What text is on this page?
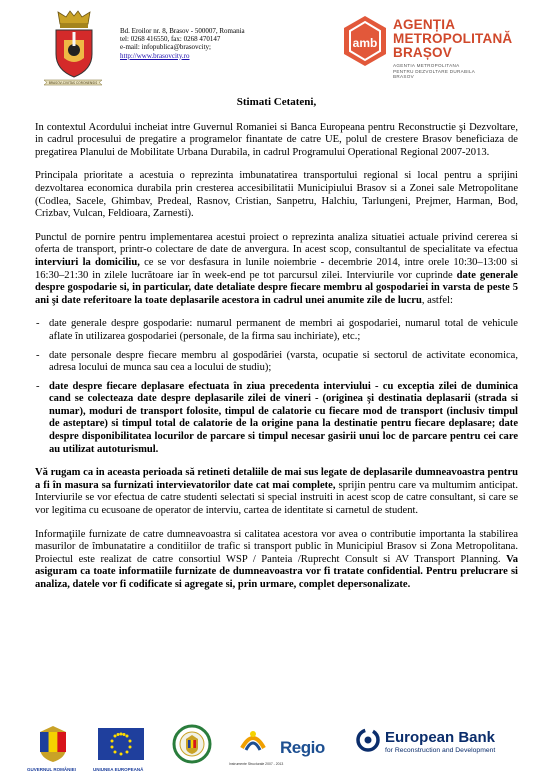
BRASOV-CIVITAS CORONENSIS
Bd. Eroilor nr. 8, Brasov - 500007, Romania
tel: 0268 416550, fax: 0268 470147
e-mail: infopublica@brasovcity;
http://www.brasovcity.ro
amb
AGENȚIA
METROPOLITANĂ
BRAȘOV
AGENTIA METROPOLITANA
PENTRU DEZVOLTARE DURABILA
BRASOV
Stimati Cetateni,

In contextul Acordului incheiat intre Guvernul Romaniei si Banca Europeana pentru Reconstructie şi Dezvoltare, in cadrul procesului de pregatire a programelor finantate de catre UE, polul de crestere Brasov beneficiaza de pregatirea Planului de Mobilitate Urbana Durabila, in cadrul Programului Operational Regional 2007-2013.

Principala prioritate a acestuia o reprezinta imbunatatirea transportului regional si local pentru a sprijini dezvoltarea economica durabila prin cresterea accesibilitatii Municipiului Brasov si a Zonei sale Metropolitane (Codlea, Sacele, Ghimbav, Predeal, Rasnov, Cristian, Sanpetru, Halchiu, Tarlungeni, Prejmer, Harman, Bod, Crizbav, Vulcan, Feldioara, Zarnesti).

Punctul de pornire pentru implementarea acestui proiect o reprezinta analiza situatiei actuale privind cererea si oferta de transport, printr-o colectare de date de anvergura. In acest scop, consultantul de specialitate va efectua interviuri la domiciliu, ce se vor desfasura in lunile noiembrie - decembrie 2014, intre orele 10:30–13:00 si 16:30–21:30 in zilele lucrătoare iar în week-end pe tot parcursul zilei. Interviurile vor cuprinde date generale despre gospodarie si, in particular, date detaliate despre fiecare membru al gospodariei in varsta de peste 5 ani şi date referitoare la toate deplasarile acestora in cadrul unei anumite zile de lucru, astfel:

- date generale despre gospodarie: numarul permanent de membri ai gospodariei, numarul total de vehicule aflate în utilizarea gospodariei (personale, de la firma sau inchiriate), etc.;
- date personale despre fiecare membru al gospodăriei (varsta, ocupatie si sectorul de activitate economica, adresa locului de munca sau cea a locului de studiu);
- date despre fiecare deplasare efectuata în ziua precedenta interviului - cu exceptia zilei de duminica cand se colecteaza date despre deplasarile zilei de vineri - (originea şi destinatia deplasarii (strada si numar), moduri de transport folosite, timpul de calatorie cu fiecare mod de transport (inclusiv timpul de asteptare) si timpul total de calatorie de la origine pana la destinatie pentru fiecare deplasare; date despre disponibilitatea locurilor de parcare si timpul necesar gasirii unui loc de parcare pentru cei care au utilizat autoturismul.

Vă rugam ca in aceasta perioada să retineti detaliile de mai sus legate de deplasarile dumneavoastra pentru a fi în masura sa furnizati intervievatorilor date cat mai complete, sprijin pentru care va multumim anticipat. Interviurile se vor efectua de catre studenti selectati si special instruiti in acest scop de catre consultant, si care se vor legitima cu ecusoane de operator de interviu, cartea de identitate si carnetul de student.

Informaţiile furnizate de catre dumneavoastra si calitatea acestora vor avea o contributie importanta la stabilirea masurilor de îmbunatatire a conditiilor de trafic si transport public în Municipiul Brasov si Zona Metropolitana. Proiectul este realizat de catre consortiul WSP / Panteia /Ruprecht Consult si AV Transport Planning. Va asiguram ca toate informatiile furnizate de dumneavoastra vor fi tratate confidential. Pentru prelucrare si analiza, datele vor fi codificate si agregate si, prin urmare, complet depersonalizate.

GUVERNUL ROMÂNIEI	UNIUNEA EUROPEANĂ
Instrumente Structurale 2007 - 2013
Regio
European Bank
for Reconstruction and Development
